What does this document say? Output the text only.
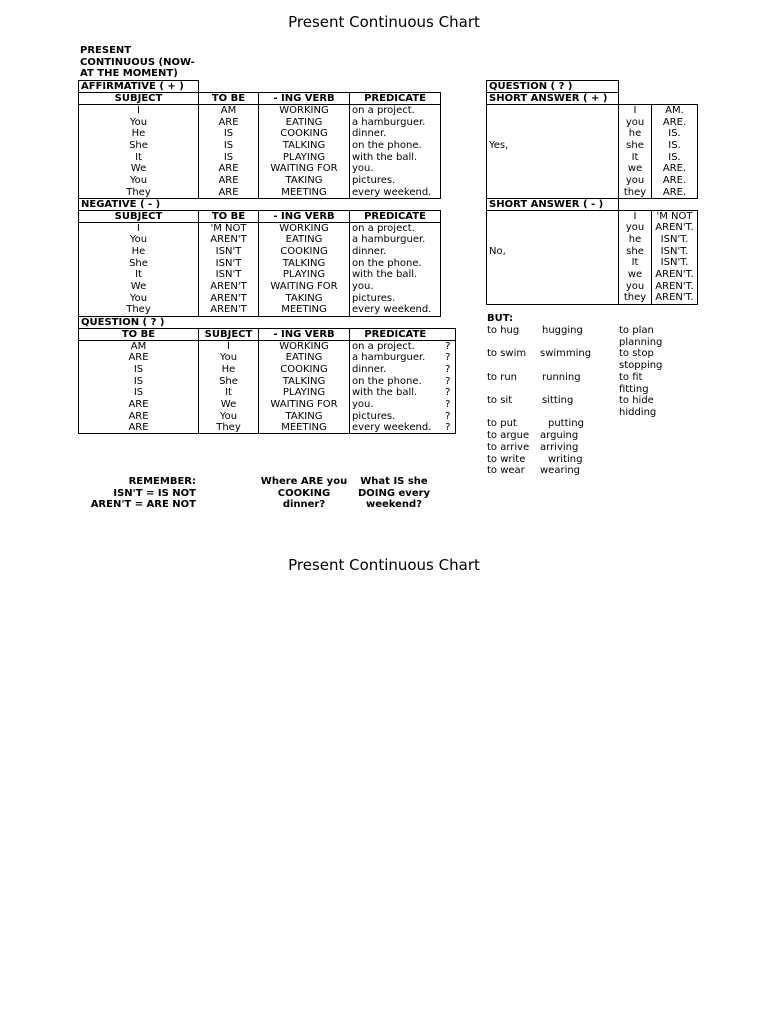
Present Continuous Chart
PRESENT CONTINUOUS (NOW- AT THE MOMENT)
AFFIRMATIVE ( + )				
SUBJECT	TO BE	- ING VERB	PREDICATE	
I	AM	WORKING	on a project.	
You	ARE	EATING	a hamburguer.	
He	IS	COOKING	dinner.	
She	IS	TALKING	on the phone.	
It	IS	PLAYING	with the ball.	
We	ARE	WAITING FOR	you.	
You	ARE	TAKING	pictures.	
They	ARE	MEETING	every weekend.	
NEGATIVE ( - )				
SUBJECT	TO BE	- ING VERB	PREDICATE	
I	'M NOT	WORKING	on a project.	
You	AREN'T	EATING	a hamburguer.	
He	ISN'T	COOKING	dinner.	
She	ISN'T	TALKING	on the phone.	
It	ISN'T	PLAYING	with the ball.	
We	AREN'T	WAITING FOR	you.	
You	AREN'T	TAKING	pictures.	
They	AREN'T	MEETING	every weekend.	
QUESTION ( ? )				
TO BE	SUBJECT	- ING VERB	PREDICATE	
AM	I	WORKING	on a project.	?
ARE	You	EATING	a hamburguer.	?
IS	He	COOKING	dinner.	?
IS	She	TALKING	on the phone.	?
IS	It	PLAYING	with the ball.	?
ARE	We	WAITING FOR	you.	?
ARE	You	TAKING	pictures.	?
ARE	They	MEETING	every weekend.	?
QUESTION ( ? )		
SHORT ANSWER ( + )		
	I	AM.
	you	ARE.
	he	IS.
Yes,	she	IS.
	It	IS.
	we	ARE.
	you	ARE.
	they	ARE.
SHORT ANSWER ( - )		
	I	'M NOT
	you	AREN'T.
	he	ISN'T.
No,	she	ISN'T.
	It	ISN'T.
	we	AREN'T.
	you	AREN'T.
	they	AREN'T.
BUT:
to hug hugging
to swim swimming
to run running
to sit	sitting
to put	putting
to argue arguing
to arrive arriving
to write writing
to wear wearing
to plan
planning
to stop
stopping
to fit
fitting
to hide
hidding
REMEMBER:
ISN'T = IS NOT
AREN'T = ARE NOT
Where ARE you COOKING dinner?
What IS she DOING every weekend?
Present Continuous Chart
